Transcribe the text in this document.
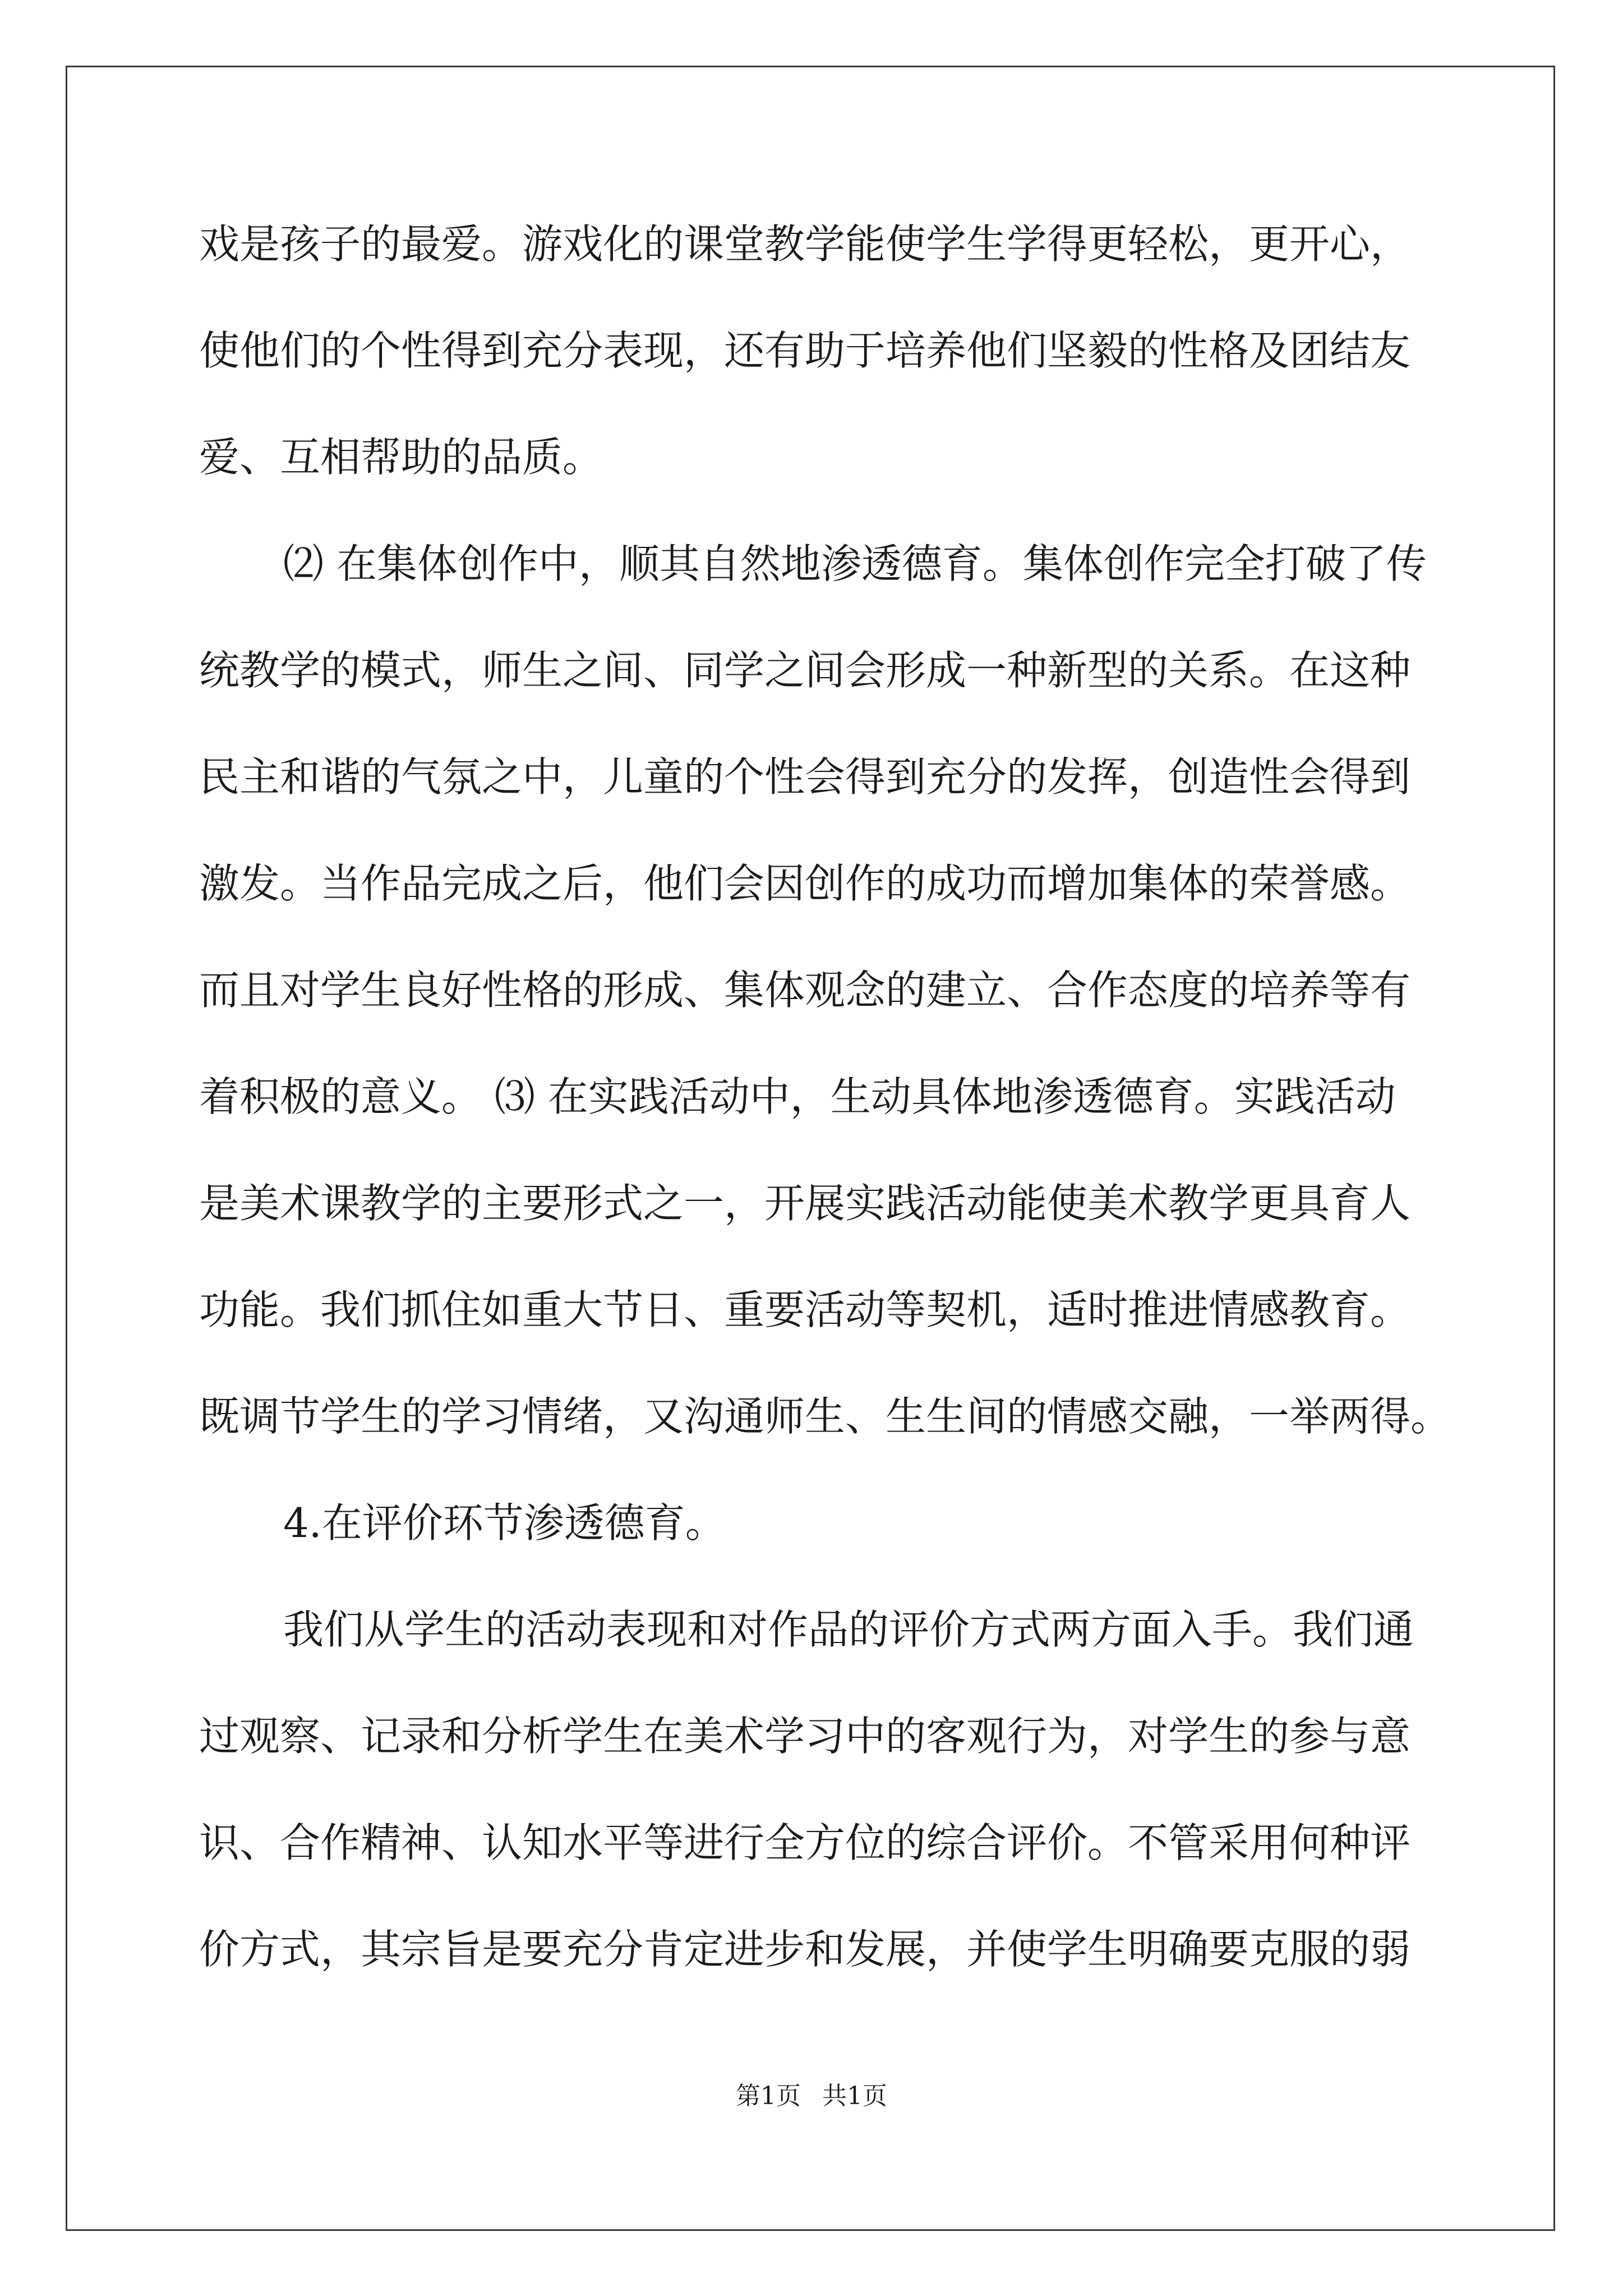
戏是孩子的最爱。游戏化的课堂教学能使学生学得更轻松，更开心，
使他们的个性得到充分表现，还有助于培养他们坚毅的性格及团结友
爱、互相帮助的品质。
⑵ 在集体创作中，顺其自然地渗透德育。集体创作完全打破了传
统教学的模式，师生之间、同学之间会形成一种新型的关系。在这种
民主和谐的气氛之中，儿童的个性会得到充分的发挥，创造性会得到
激发。当作品完成之后，他们会因创作的成功而增加集体的荣誉感。
而且对学生良好性格的形成、集体观念的建立、合作态度的培养等有
着积极的意义。 ⑶ 在实践活动中，生动具体地渗透德育。实践活动
是美术课教学的主要形式之一，开展实践活动能使美术教学更具育人
功能。我们抓住如重大节日、重要活动等契机，适时推进情感教育。
既调节学生的学习情绪，又沟通师生、生生间的情感交融，一举两得。
4.在评价环节渗透德育。
我们从学生的活动表现和对作品的评价方式两方面入手。我们通
过观察、记录和分析学生在美术学习中的客观行为，对学生的参与意
识、合作精神、认知水平等进行全方位的综合评价。不管采用何种评
价方式，其宗旨是要充分肯定进步和发展，并使学生明确要克服的弱
第1页 共1页
